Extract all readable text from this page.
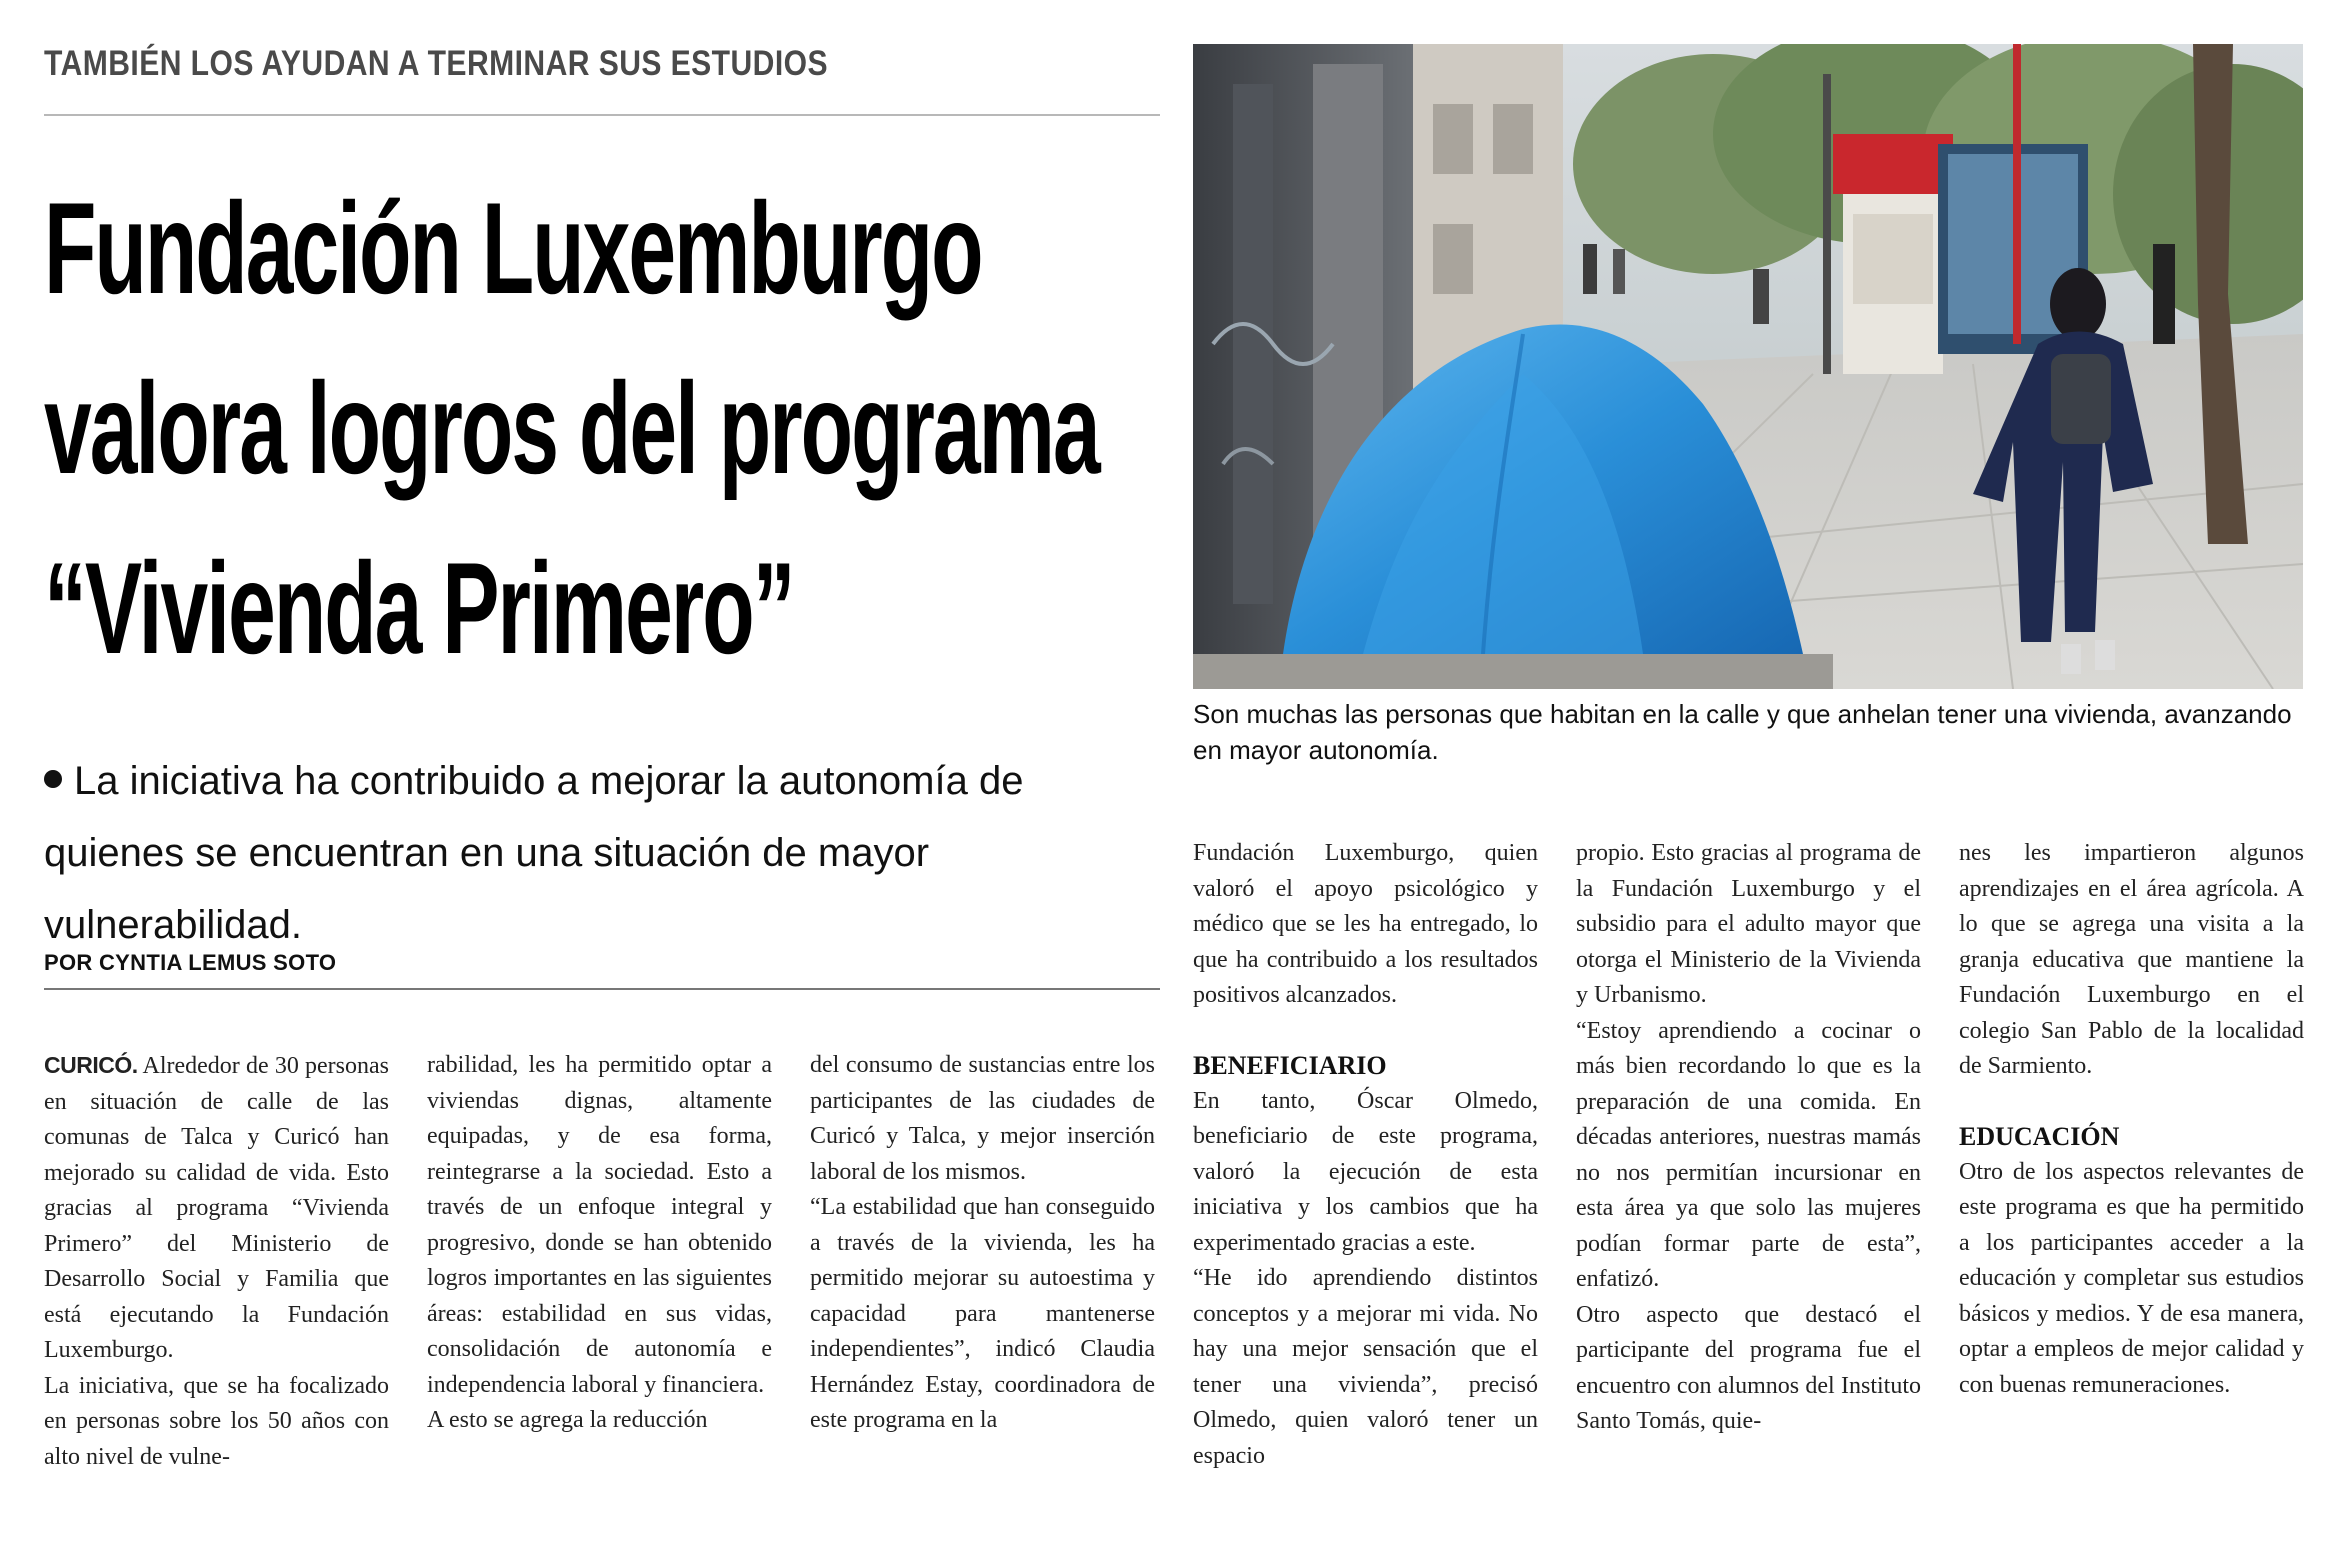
TAMBIÉN LOS AYUDAN A TERMINAR SUS ESTUDIOS
Fundación Luxemburgo
valora logros del programa
“Vivienda Primero”
La iniciativa ha contribuido a mejorar la autonomía de quienes se encuentran en una situación de mayor vulnerabilidad.
POR CYNTIA LEMUS SOTO
Son muchas las personas que habitan en la calle y que anhelan tener una vivienda, avanzando en mayor autonomía.

CURICÓ. Alrededor de 30 personas en situación de calle de las comunas de Talca y Curicó han mejorado su calidad de vida. Esto gracias al programa “Vivienda Primero” del Ministerio de Desarrollo Social y Familia que está ejecutando la Fundación Luxemburgo.

La iniciativa, que se ha focalizado en personas sobre los 50 años con alto nivel de vulne-

rabilidad, les ha permitido optar a viviendas dignas, altamente equipadas, y de esa forma, reintegrarse a la sociedad. Esto a través de un enfoque integral y progresivo, donde se han obtenido logros importantes en las siguientes áreas: estabilidad en sus vidas, consolidación de autonomía e independencia laboral y financiera.

A esto se agrega la reducción

del consumo de sustancias entre los participantes de las ciudades de Curicó y Talca, y mejor inserción laboral de los mismos.

“La estabilidad que han conseguido a través de la vivienda, les ha permitido mejorar su autoestima y capacidad para mantenerse independientes”, indicó Claudia Hernández Estay, coordinadora de este programa en la

Fundación Luxemburgo, quien valoró el apoyo psicológico y médico que se les ha entregado, lo que ha contribuido a los resultados positivos alcanzados.

BENEFICIARIO

En tanto, Óscar Olmedo, beneficiario de este programa, valoró la ejecución de esta iniciativa y los cambios que ha experimentado gracias a este.

“He ido aprendiendo distintos conceptos y a mejorar mi vida. No hay una mejor sensación que el tener una vivienda”, precisó Olmedo, quien valoró tener un espacio

propio. Esto gracias al programa de la Fundación Luxemburgo y el subsidio para el adulto mayor que otorga el Ministerio de la Vivienda y Urbanismo.

“Estoy aprendiendo a cocinar o más bien recordando lo que es la preparación de una comida. En décadas anteriores, nuestras mamás no nos permitían incursionar en esta área ya que solo las mujeres podían formar parte de esta”, enfatizó.

Otro aspecto que destacó el participante del programa fue el encuentro con alumnos del Instituto Santo Tomás, quie-

nes les impartieron algunos aprendizajes en el área agrícola. A lo que se agrega una visita a la granja educativa que mantiene la Fundación Luxemburgo en el colegio San Pablo de la localidad de Sarmiento.

EDUCACIÓN

Otro de los aspectos relevantes de este programa es que ha permitido a los participantes acceder a la educación y completar sus estudios básicos y medios. Y de esa manera, optar a empleos de mejor calidad y con buenas remuneraciones.
